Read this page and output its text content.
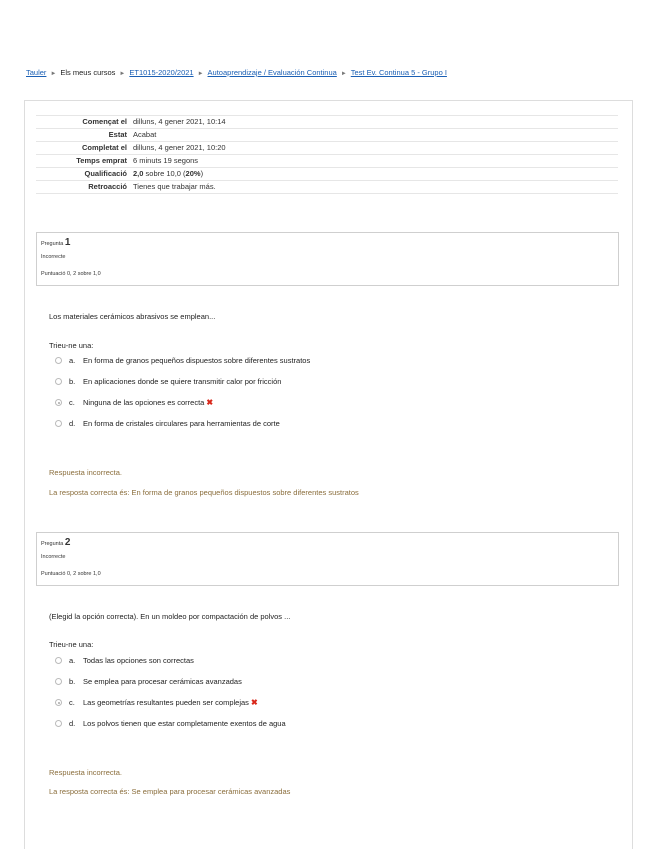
Tauler ► Els meus cursos ► ET1015-2020/2021 ► Autoaprendizaje / Evaluación Continua ► Test Ev. Continua 5 - Grupo I
Començat el	dilluns, 4 gener 2021, 10:14
Estat	Acabat
Completat el	dilluns, 4 gener 2021, 10:20
Temps emprat	6 minuts 19 segons
Qualificació	2,0 sobre 10,0 (20%)
Retroacció	Tienes que trabajar más.
Pregunta 1
Incorrecte
Puntuació 0, 2 sobre 1,0
Los materiales cerámicos abrasivos se emplean...
Trieu-ne una:
a.	En forma de granos pequeños dispuestos sobre diferentes sustratos
b.	En aplicaciones donde se quiere transmitir calor por fricción
c.	Ninguna de las opciones es correcta ✖
d.	En forma de cristales circulares para herramientas de corte
Respuesta incorrecta.
La resposta correcta és: En forma de granos pequeños dispuestos sobre diferentes sustratos
Pregunta 2
Incorrecte
Puntuació 0, 2 sobre 1,0
(Elegid la opción correcta). En un moldeo por compactación de polvos ...
Trieu-ne una:
a.	Todas las opciones son correctas
b.	Se emplea para procesar cerámicas avanzadas
c.	Las geometrías resultantes pueden ser complejas ✖
d.	Los polvos tienen que estar completamente exentos de agua
Respuesta incorrecta.
La resposta correcta és: Se emplea para procesar cerámicas avanzadas
